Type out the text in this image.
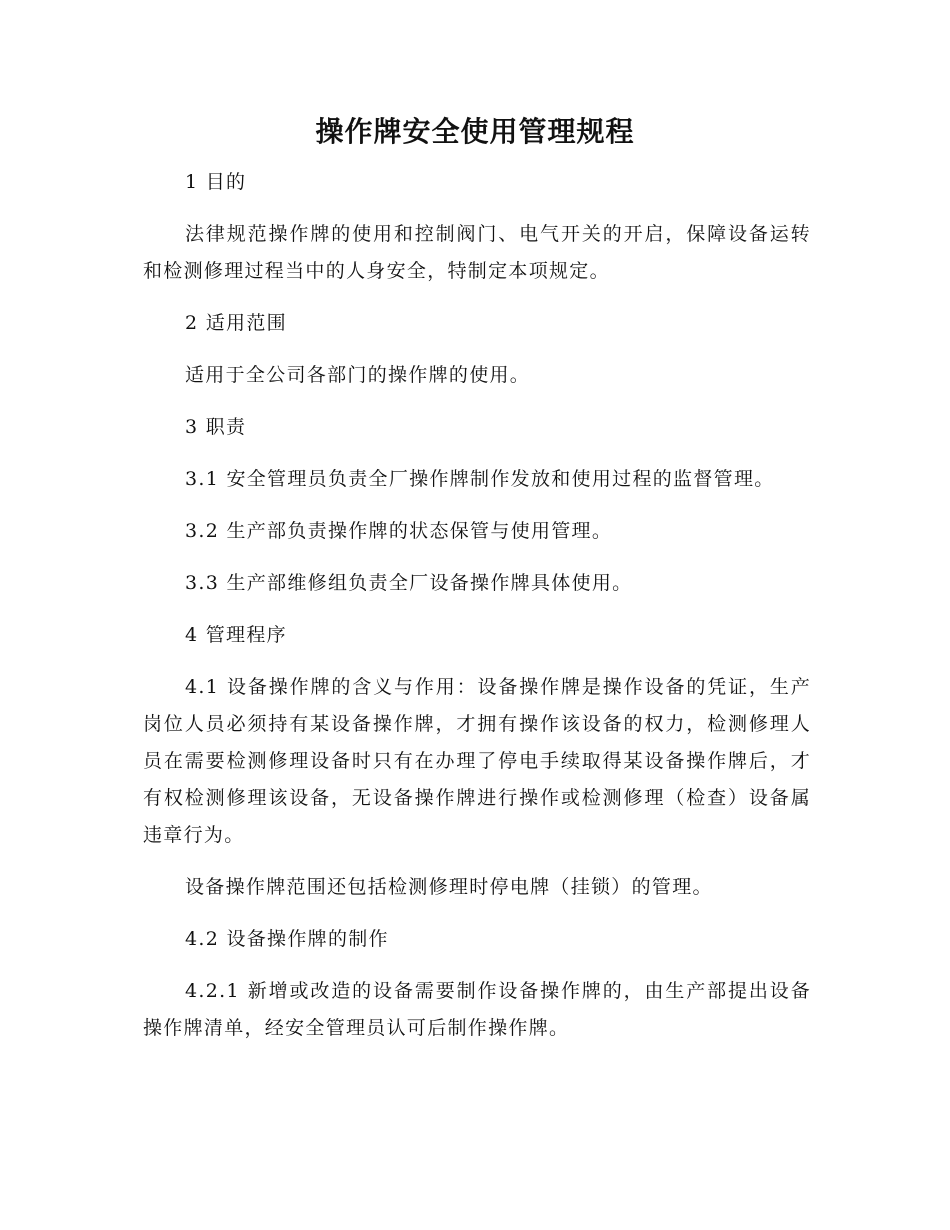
操作牌安全使用管理规程

1 目的

法律规范操作牌的使用和控制阀门、电气开关的开启，保障设备运转和检测修理过程当中的人身安全，特制定本项规定。

2 适用范围

适用于全公司各部门的操作牌的使用。

3 职责

3.1 安全管理员负责全厂操作牌制作发放和使用过程的监督管理。

3.2 生产部负责操作牌的状态保管与使用管理。

3.3 生产部维修组负责全厂设备操作牌具体使用。

4 管理程序

4.1 设备操作牌的含义与作用：设备操作牌是操作设备的凭证，生产岗位人员必须持有某设备操作牌，才拥有操作该设备的权力，检测修理人员在需要检测修理设备时只有在办理了停电手续取得某设备操作牌后，才有权检测修理该设备，无设备操作牌进行操作或检测修理（检查）设备属违章行为。

设备操作牌范围还包括检测修理时停电牌（挂锁）的管理。

4.2 设备操作牌的制作

4.2.1 新增或改造的设备需要制作设备操作牌的，由生产部提出设备操作牌清单，经安全管理员认可后制作操作牌。
